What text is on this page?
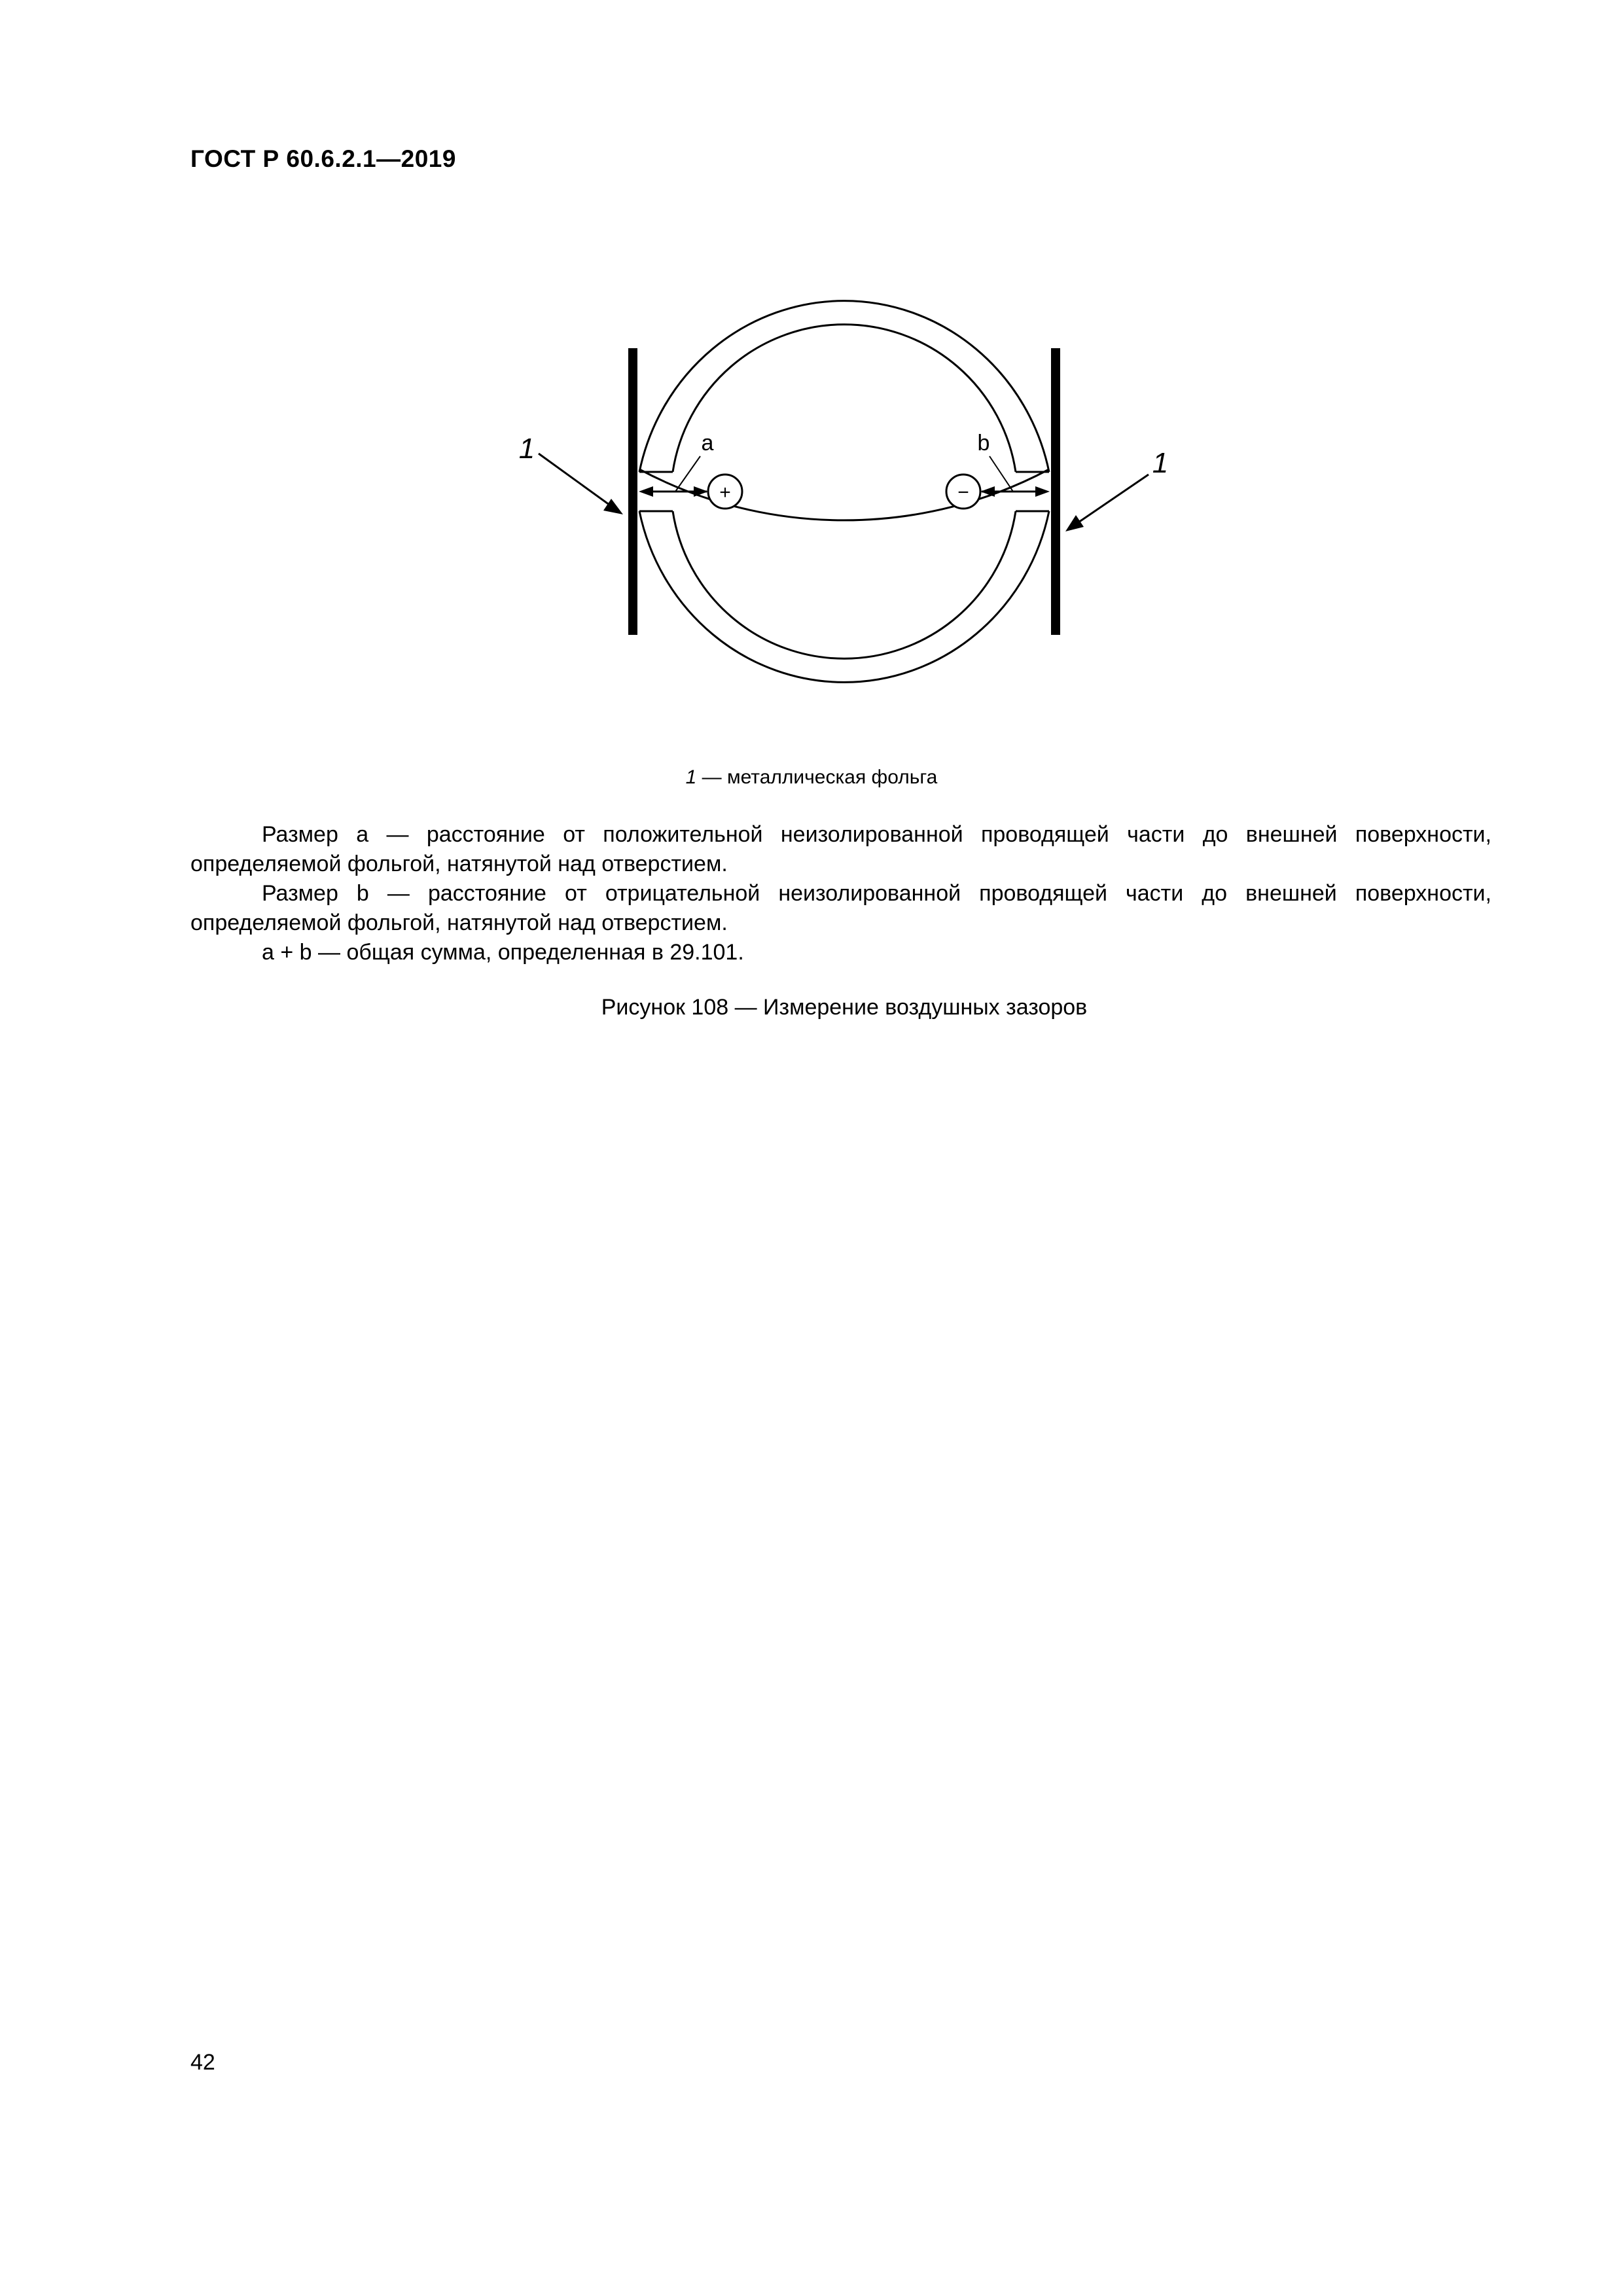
ГОСТ Р 60.6.2.1—2019
+	−
a	b
1	1
1 — металлическая фольга

Размер a — расстояние от положительной неизолированной проводящей части до внешней поверхности, определяемой фольгой, натянутой над отверстием.

Размер b — расстояние от отрицательной неизолированной проводящей части до внешней поверхности, определяемой фольгой, натянутой над отверстием.

a + b — общая сумма, определенная в 29.101.

Рисунок 108 — Измерение воздушных зазоров
42
